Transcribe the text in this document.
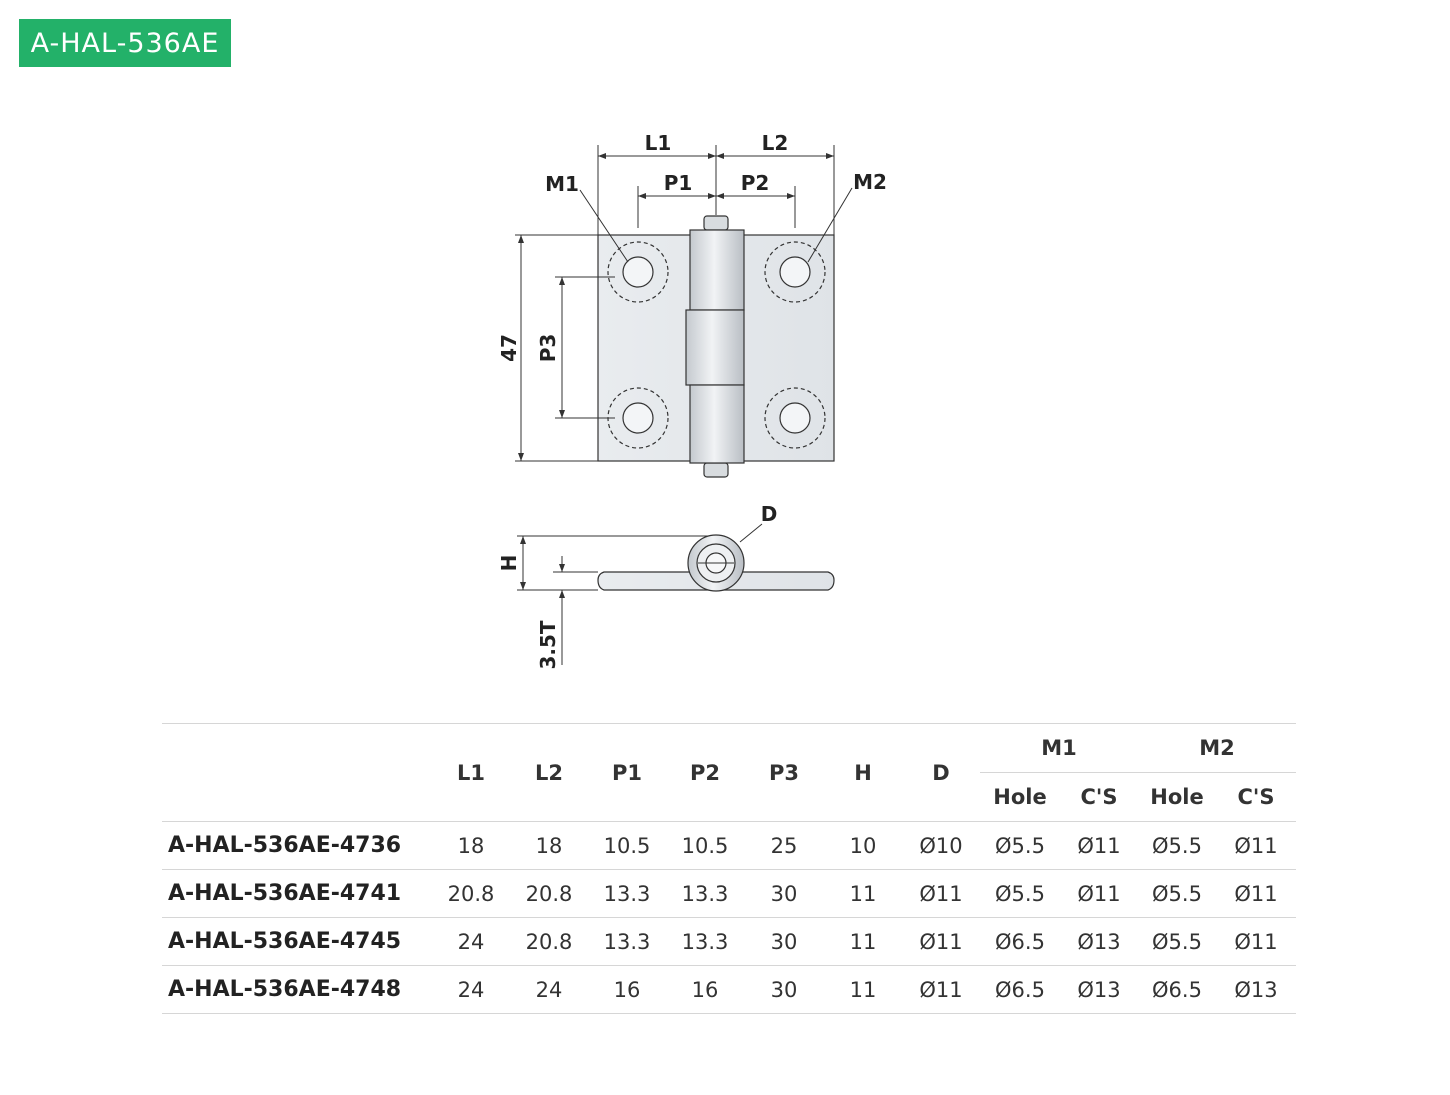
A-HAL-536AE
L1	L2
P1 P2
M1	M2
47 P3
D
H
3.5T
	L1	L2	P1	P2	P3	H	D	M1		M2	
								Hole	C'S	Hole	C'S
A-HAL-536AE-4736	18	18	10.5	10.5	25	10	Ø10	Ø5.5	Ø11	Ø5.5	Ø11
A-HAL-536AE-4741	20.8	20.8	13.3	13.3	30	11	Ø11	Ø5.5	Ø11	Ø5.5	Ø11
A-HAL-536AE-4745	24	20.8	13.3	13.3	30	11	Ø11	Ø6.5	Ø13	Ø5.5	Ø11
A-HAL-536AE-4748	24	24	16	16	30	11	Ø11	Ø6.5	Ø13	Ø6.5	Ø13
